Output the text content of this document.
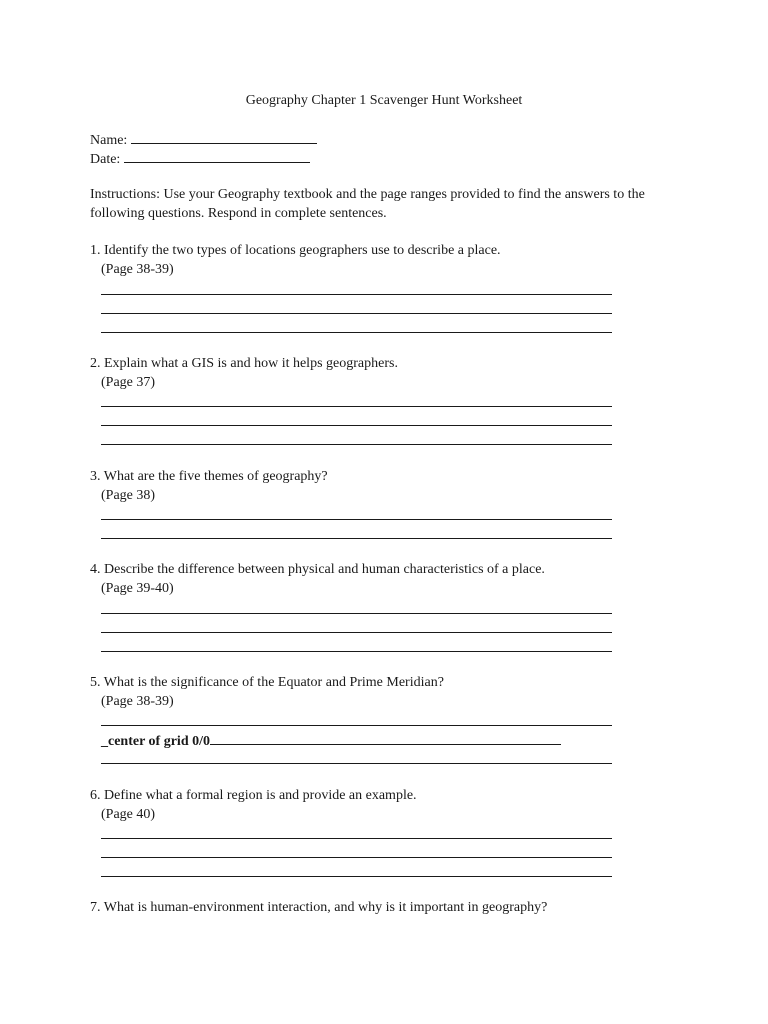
Geography Chapter 1 Scavenger Hunt Worksheet
Name:
Date:
Instructions: Use your Geography textbook and the page ranges provided to find the answers to the
following questions. Respond in complete sentences.
1. Identify the two types of locations geographers use to describe a place.
(Page 38-39)
2. Explain what a GIS is and how it helps geographers.
(Page 37)
3. What are the five themes of geography?
(Page 38)
4. Describe the difference between physical and human characteristics of a place.
(Page 39-40)
5. What is the significance of the Equator and Prime Meridian?
(Page 38-39)
_center of grid 0/0
6. Define what a formal region is and provide an example.
(Page 40)
7. What is human-environment interaction, and why is it important in geography?
